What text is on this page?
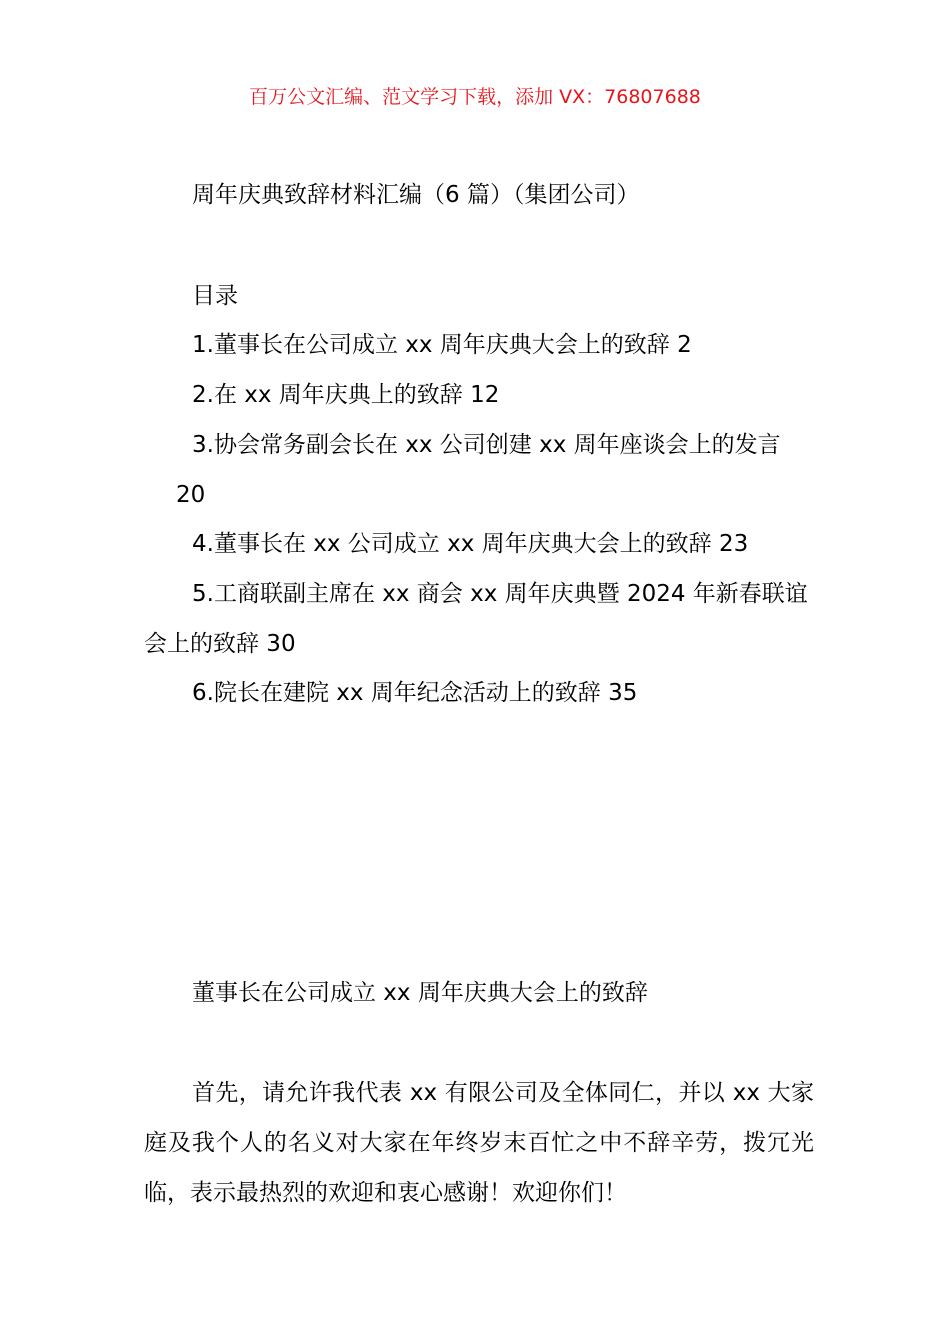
百万公文汇编、范文学习下载，添加 VX：76807688
周年庆典致辞材料汇编（6 篇）（集团公司）
目录
1.董事长在公司成立 xx 周年庆典大会上的致辞 2
2.在 xx 周年庆典上的致辞 12
3.协会常务副会长在 xx 公司创建 xx 周年座谈会上的发言
20
4.董事长在 xx 公司成立 xx 周年庆典大会上的致辞 23
5.工商联副主席在 xx 商会 xx 周年庆典暨 2024 年新春联谊
会上的致辞 30
6.院长在建院 xx 周年纪念活动上的致辞 35
董事长在公司成立 xx 周年庆典大会上的致辞
首先，请允许我代表 xx 有限公司及全体同仁，并以 xx 大家庭及我个人的名义对大家在年终岁末百忙之中不辞辛劳，拨冗光临，表示最热烈的欢迎和衷心感谢！欢迎你们！
